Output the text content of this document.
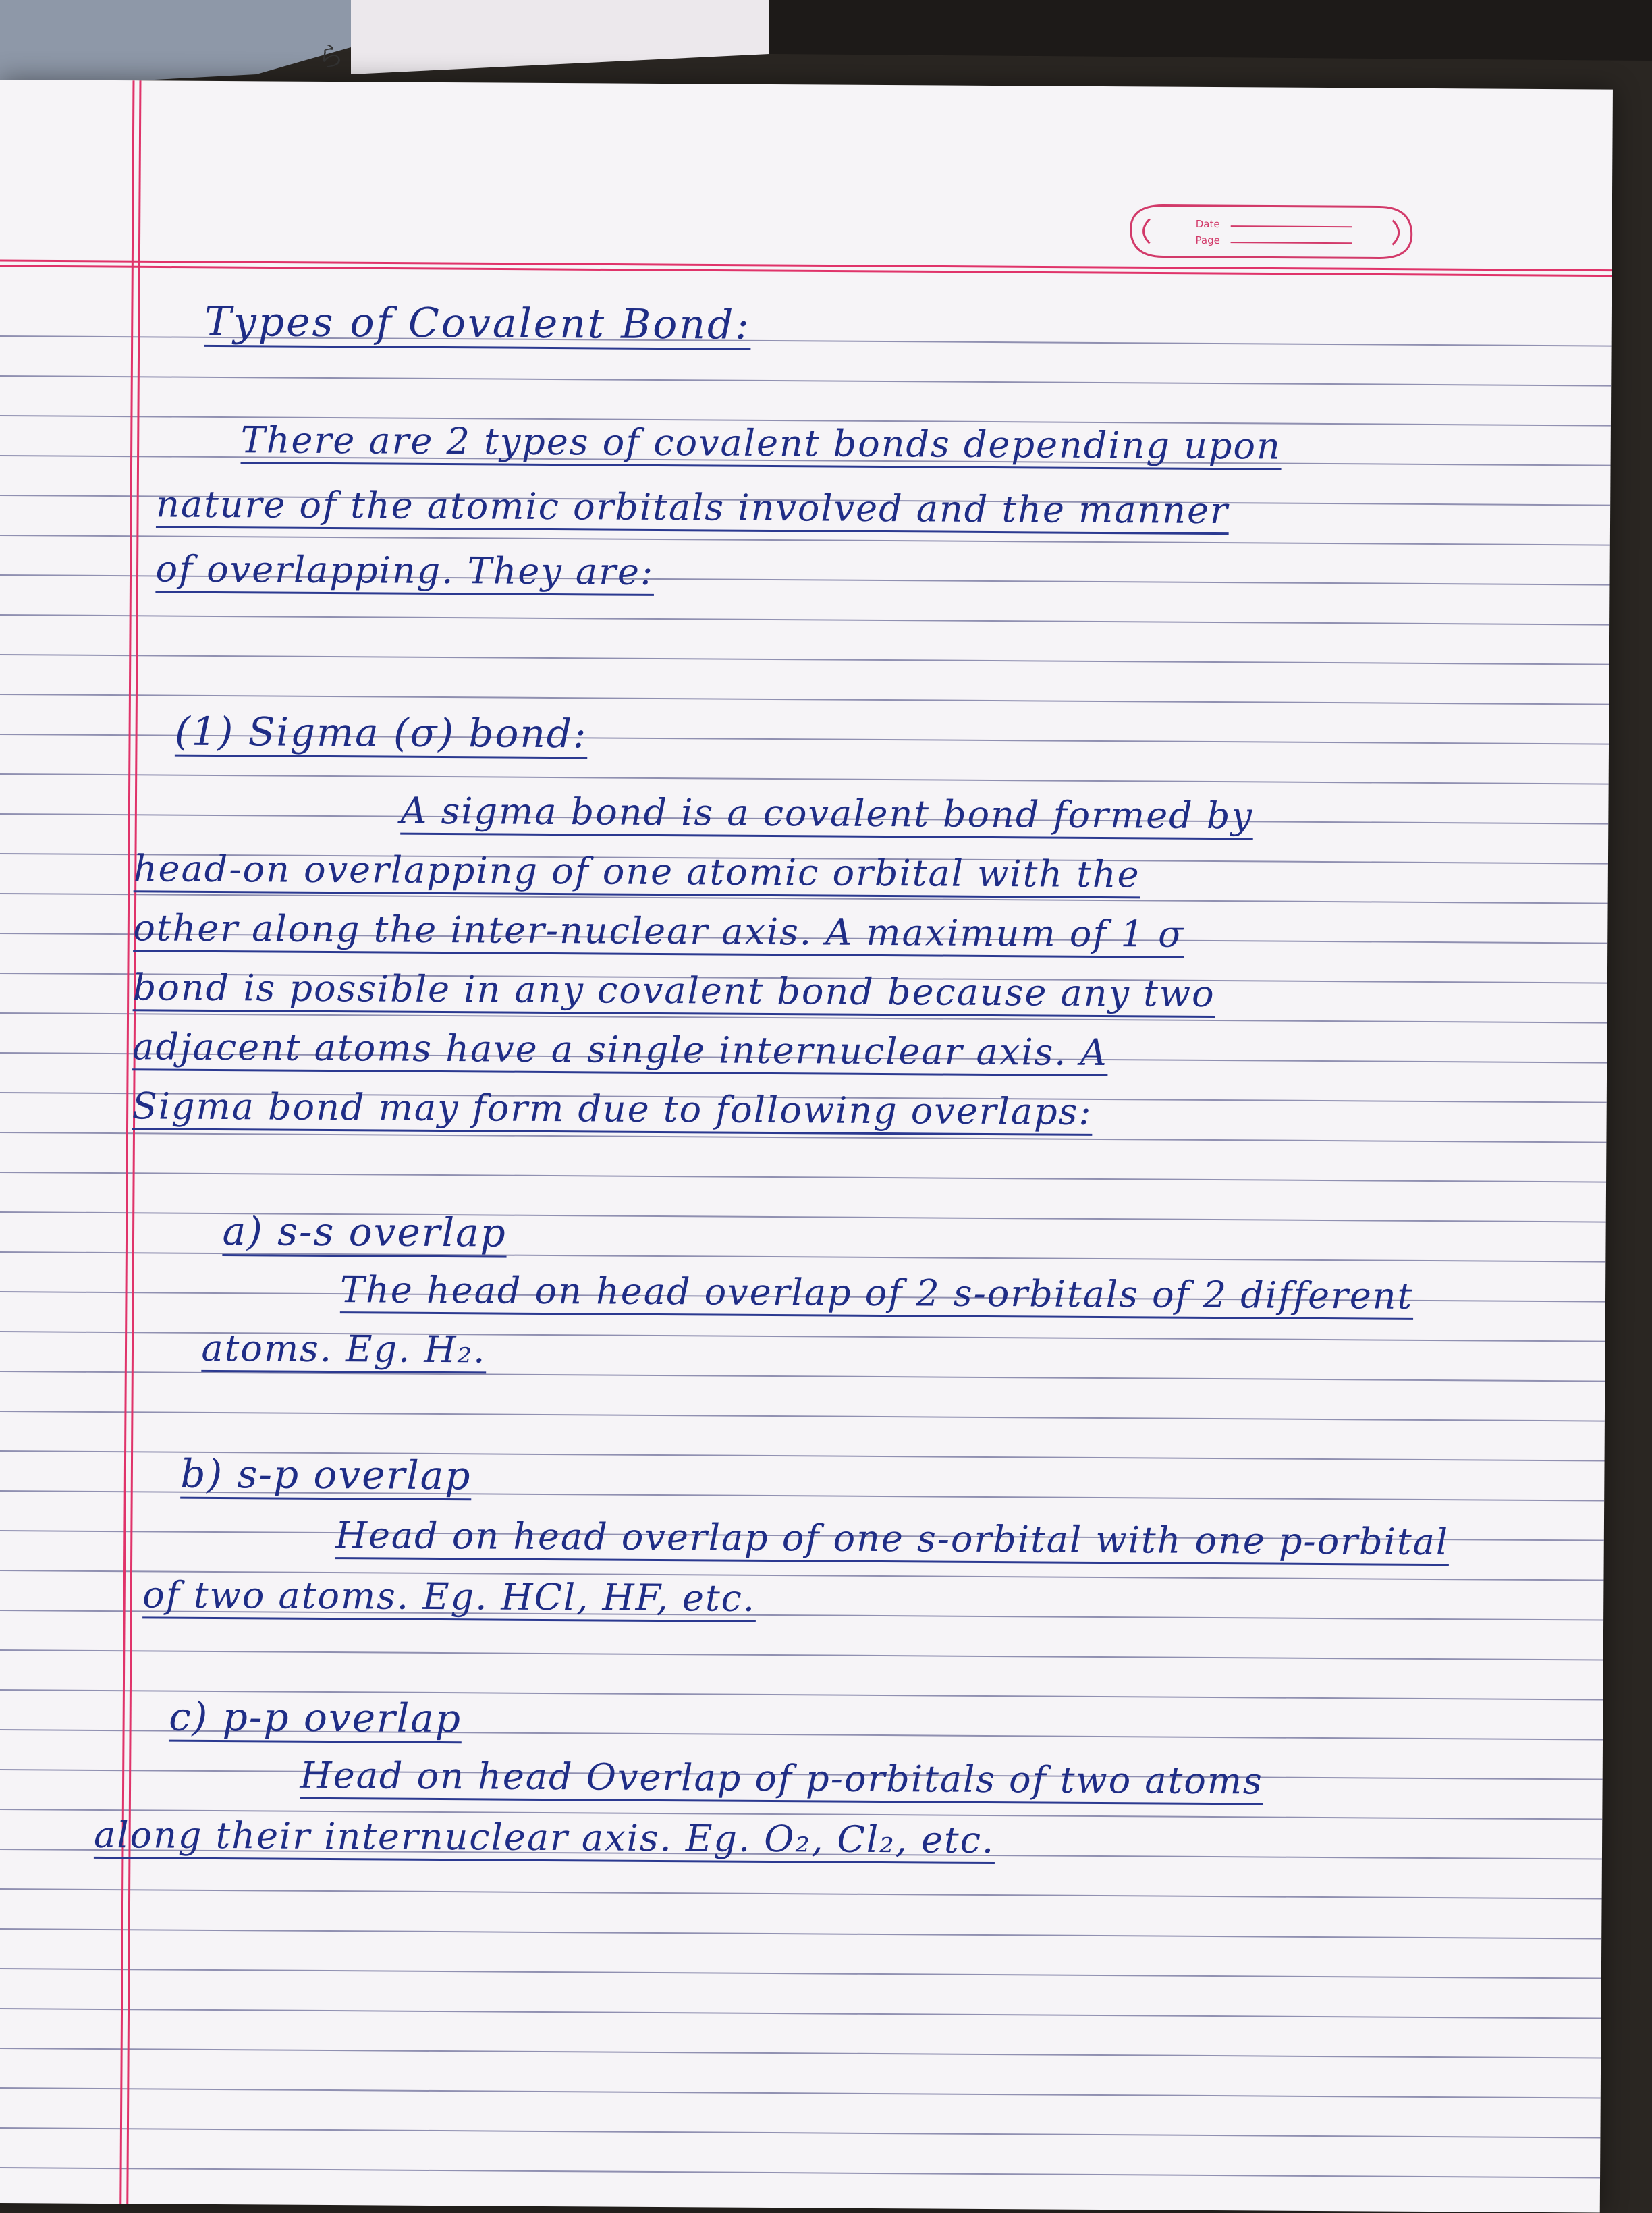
ら
Date
Page

Types of Covalent Bond:

There are 2 types of covalent bonds depending upon

nature of the atomic orbitals involved and the manner

of overlapping. They are:

(1) Sigma (σ) bond:

A sigma bond is a covalent bond formed by

head-on overlapping of one atomic orbital with the

other along the inter-nuclear axis. A maximum of 1 σ

bond is possible in any covalent bond because any two

adjacent atoms have a single internuclear axis. A

Sigma bond may form due to following overlaps:

a) s-s overlap

The head on head overlap of 2 s-orbitals of 2 different

atoms. Eg. H₂.

b) s-p overlap

Head on head overlap of one s-orbital with one p-orbital

of two atoms. Eg. HCl, HF, etc.

c) p-p overlap

Head on head Overlap of p-orbitals of two atoms

along their internuclear axis. Eg. O₂, Cl₂, etc.
